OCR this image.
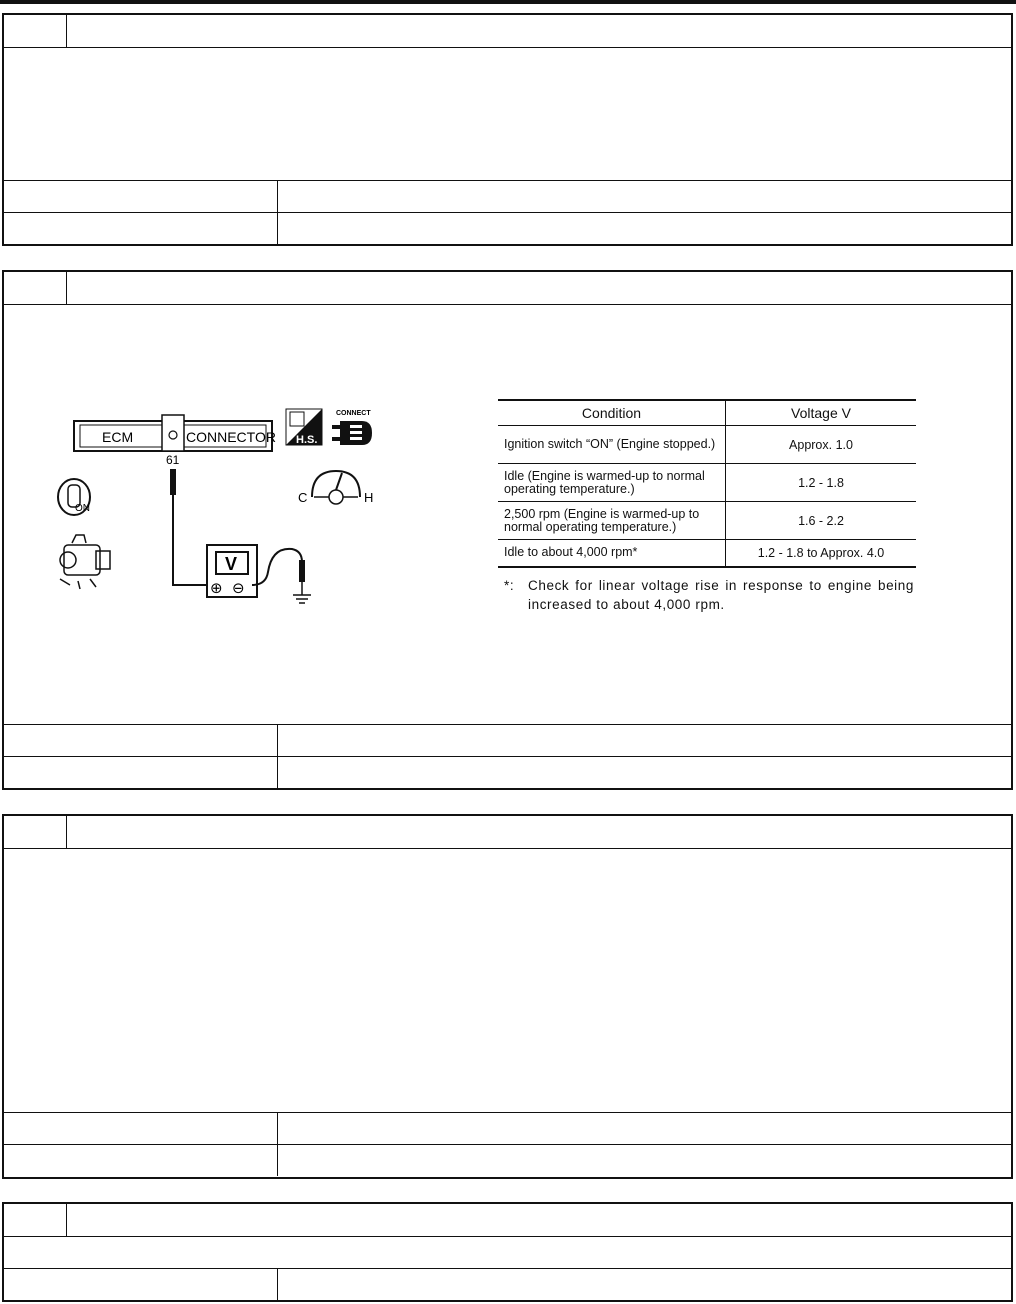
ECM	CONNECTOR
61
V
⊕ ⊖
H.S.
CONNECT
C	H
ON
Condition	Voltage V
Ignition switch “ON” (Engine stopped.)	Approx. 1.0
Idle (Engine is warmed-up to normal operating temperature.)	1.2 - 1.8
2,500 rpm (Engine is warmed-up to normal operating temperature.)	1.6 - 2.2
Idle to about 4,000 rpm*	1.2 - 1.8 to Approx. 4.0
*: Check for linear voltage rise in response to engine being increased to about 4,000 rpm.
